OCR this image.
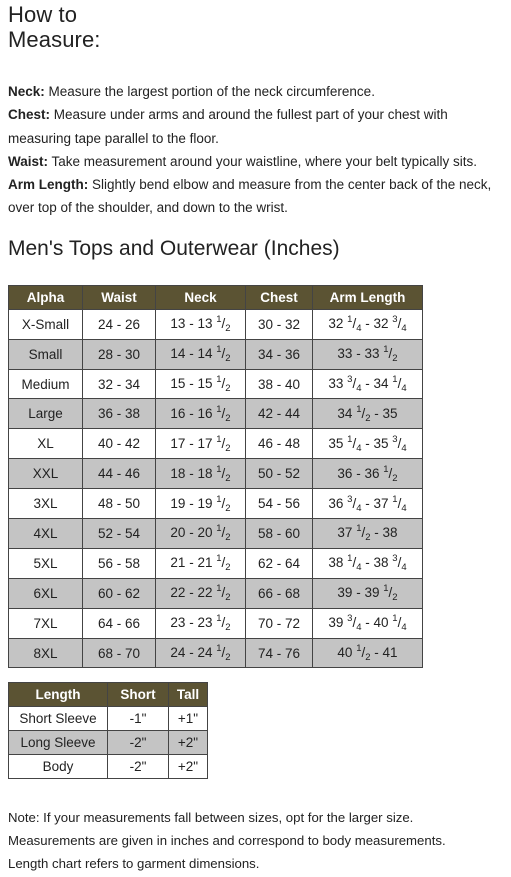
How to Measure:

Neck: Measure the largest portion of the neck circumference.

Chest: Measure under arms and around the fullest part of your chest with measuring tape parallel to the floor.

Waist: Take measurement around your waistline, where your belt typically sits.

Arm Length: Slightly bend elbow and measure from the center back of the neck, over top of the shoulder, and down to the wrist.

Men's Tops and Outerwear (Inches)
Alpha	Waist	Neck	Chest	Arm Length
X-Small	24 - 26	13 - 13 $^1/_2$	30 - 32	32 $^1/_4 - 32$ $^3/_4$
Small	28 - 30	14 - 14 $^1/_2$	34 - 36	33 - 33 $^1/_2$
Medium	32 - 34	15 - 15 $^1/_2$	38 - 40	33 $^3/_4 - 34$ $^1/_4$
Large	36 - 38	16 - 16 $^1/_2$	42 - 44	34 $^1/_2 - 35$
XL	40 - 42	17 - 17 $^1/_2$	46 - 48	35 $^1/_4 - 35$ $^3/_4$
XXL	44 - 46	18 - 18 $^1/_2$	50 - 52	36 - 36 $^1/_2$
3XL	48 - 50	19 - 19 $^1/_2$	54 - 56	36 $^3/_4 - 37$ $^1/_4$
4XL	52 - 54	20 - 20 $^1/_2$	58 - 60	37 $^1/_2 - 38$
5XL	56 - 58	21 - 21 $^1/_2$	62 - 64	38 $^1/_4 - 38$ $^3/_4$
6XL	60 - 62	22 - 22 $^1/_2$	66 - 68	39 - 39 $^1/_2$
7XL	64 - 66	23 - 23 $^1/_2$	70 - 72	39 $^3/_4 - 40$ $^1/_4$
8XL	68 - 70	24 - 24 $^1/_2$	74 - 76	40 $^1/_2 - 41$
Length	Short	Tall
Short Sleeve	-1"	+1"
Long Sleeve	-2"	+2"
Body	-2"	+2"

Note: If your measurements fall between sizes, opt for the larger size.

Measurements are given in inches and correspond to body measurements.

Length chart refers to garment dimensions.
